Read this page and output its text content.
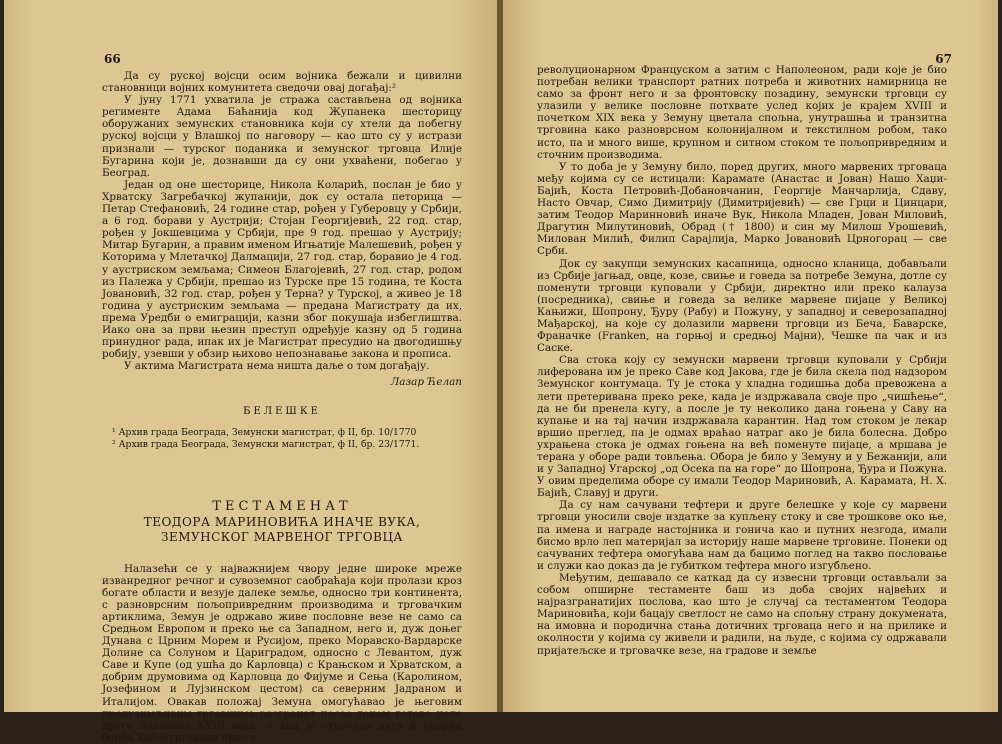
66

Да су руској војсци осим војника бежали и цивилни становници војних комунитета сведочи овај догађај:²

У јуну 1771 ухватила је стража састављена од војника регименте Адама Баћанија код Жупанека шесторицу оборужаних земунских становника који су хтели да побегну руској војсци у Влашкој по наговору — као што су у истрази признали — турског поданика и земунског трговца Илије Бугарина који је, дознавши да су они ухваћени, побегао у Београд.

Један од оне шесторице, Никола Коларић, послан је био у Хрватску Загребачкој жупанији, док су остала петорица — Петар Стефановић, 24 године стар, рођен у Губеровцу у Србији, а 6 год. борави у Аустрији; Стојан Георгијевић, 22 год. стар, рођен у Јокшевцима у Србији, пре 9 год. прешао у Аустрију; Митар Бугарин, а правим именом Игњатије Малешевић, рођен у Которима у Млетачкој Далмацији, 27 год. стар, боравио је 4 год. у аустриском земљама; Симеон Благојевић, 27 год. стар, родом из Палежа у Србији, прешао из Турске пре 15 година, те Коста Јовановић, 32 год. стар, рођен у Терна? у Турској, а живео је 18 година у аустриским земљама — предана Магистрату да их, према Уредби о емиграцији, казни због покушаја избеглиштва. Иако она за први њезин преступ одређује казну од 5 година принудног рада, ипак их је Магистрат пресудио на двогодишњу робију, узевши у обзир њихово непознавање закона и прописа.

У актима Магистрата нема ништа даље о том догађају.

Лазар Ћелап
БЕЛЕШКЕ

¹ Архив града Београда, Земунски магистрат, ф II, бр. 10/1770

² Архив града Београда, Земунски магистрат, ф II, бр. 23/1771.

ТЕСТАМЕНАТ
ТЕОДОРА МАРИНОВИЋА ИНАЧЕ ВУКА,
ЗЕМУНСКОГ МАРВЕНОГ ТРГОВЦА

Налазећи се у најважнијем чвору једне широке мреже изванредног речног и сувоземног саобраћаја који пролази кроз богате области и везује далеке земље, односно три континента, с разноврсним пољопривредним производима и трговачким артиклима, Земун је одржаво живе пословне везе не само са Средњом Европом и преко ње са Западном, него и, дуж доњег Дунава с Црним Морем и Русијом, преко Моравско-Вардарске Долине са Солуном и Цариградом, односно с Левантом, дуж Саве и Купе (од ушћа до Карловца) с Крањском и Хрватском, а добрим друмовима од Карловца до Фијуме и Сења (Каролином, Јозефином и Лујзинском цестом) са северним Јадраном и Италијом. Овакав положај Земуна омогућавао је његовим предузимљивим трговцима разгранат посао током готово целе друге половине XVIII века. А кад је отпочела дуга и упорна борба Хабзбурговаца прво с

67

револуционарном Француском а затим с Наполеоном, ради које је био потребан велики транспорт ратних потреба и животних намирница не само за фронт него и за фронтовску позадину, земунски трговци су улазили у велике пословне потхвате услед којих је крајем XVIII и почетком XIX века у Земуну цветала спољна, унутрашња и транзитна трговина како разноврсном колонијалном и текстилном робом, тако исто, па и много више, крупном и ситном стоком те пољопривредним и сточним производима.

У то доба је у Земуну било, поред других, много марвених трговаца међу којима су се истицали: Карамате (Анастас и Јован) Нашо Хаџи-Бајић, Коста Петровић-Добановчанин, Георгије Манчарлија, Сдаву, Насто Овчар, Симо Димитрију (Димитријевић) — све Грци и Цинцари, затим Теодор Маринновић иначе Вук, Никола Младен, Јован Миловић, Драгутин Милутиновић, Обрад († 1800) и син му Милош Урошевић, Милован Милић, Филип Сарајлија, Марко Јовановић Црногорац — све Срби.

Док су закупци земунских касапница, односно кланица, добављали из Србије јагњад, овце, козе, свиње и говеда за потребе Земуна, дотле су поменути трговци куповали у Србији, директно или преко калауза (посредника), свиње и говеда за велике марвене пијаце у Великој Кањижи, Шопрону, Ђуру (Рабу) и Пожуну, у западној и северозападној Мађарској, на које су долазили марвени трговци из Беча, Баварске, Франачке (Franken, на горњој и средњој Мајни), Чешке па чак и из Саске.

Сва стока коју су земунски марвени трговци куповали у Србији лиферована им је преко Саве код Јакова, где је била скела под надзором Земунског контумаца. Ту је стока у хладна годишња доба превожена а лети претеривана преко реке, када је издржавала своје про „чишћење“, да не би пренела кугу, а после је ту неколико дана гоњена у Саву на купање и на тај начин издржавала карантин. Над том стоком је лекар вршио преглед, па је одмах враћао натраг ако је била болесна. Добро ухрањена стока је одмах гоњена на већ поменуте пијаце, а мршава је терана у оборе ради товљења. Обора је било у Земуну и у Бежанији, али и у Западној Угарској „од Осека па на горе“ до Шопрона, Ђура и Пожуна. У овим пределима оборе су имали Теодор Мариновић, А. Карамата, Н. Х. Бајић, Славуј и други.

Да су нам сачувани тефтери и друге белешке у које су марвени трговци уносили своје издатке за купљену стоку и све трошкове око ње, па имена и награде настојника и гонича као и путних незгода, имали бисмо врло леп материјал за историју наше марвене трговине. Понеки од сачуваних тефтера омогућава нам да бацимо поглед на такво пословање и служи као доказ да је губитком тефтера много изгубљено.

Међутим, дешавало се каткад да су извесни трговци остављали за собом опширне тестаменте баш из доба својих највећих и најразгранатијих послова, као што је случај са тестаментом Теодора Мариновића, који бацају светлост не само на спољну страну докумената, на имовна и породична стања дотичних трговаца него и на прилике и околности у којима су живели и радили, на људе, с којима су одржавали пријатељске и трговачке везе, на градове и земље
